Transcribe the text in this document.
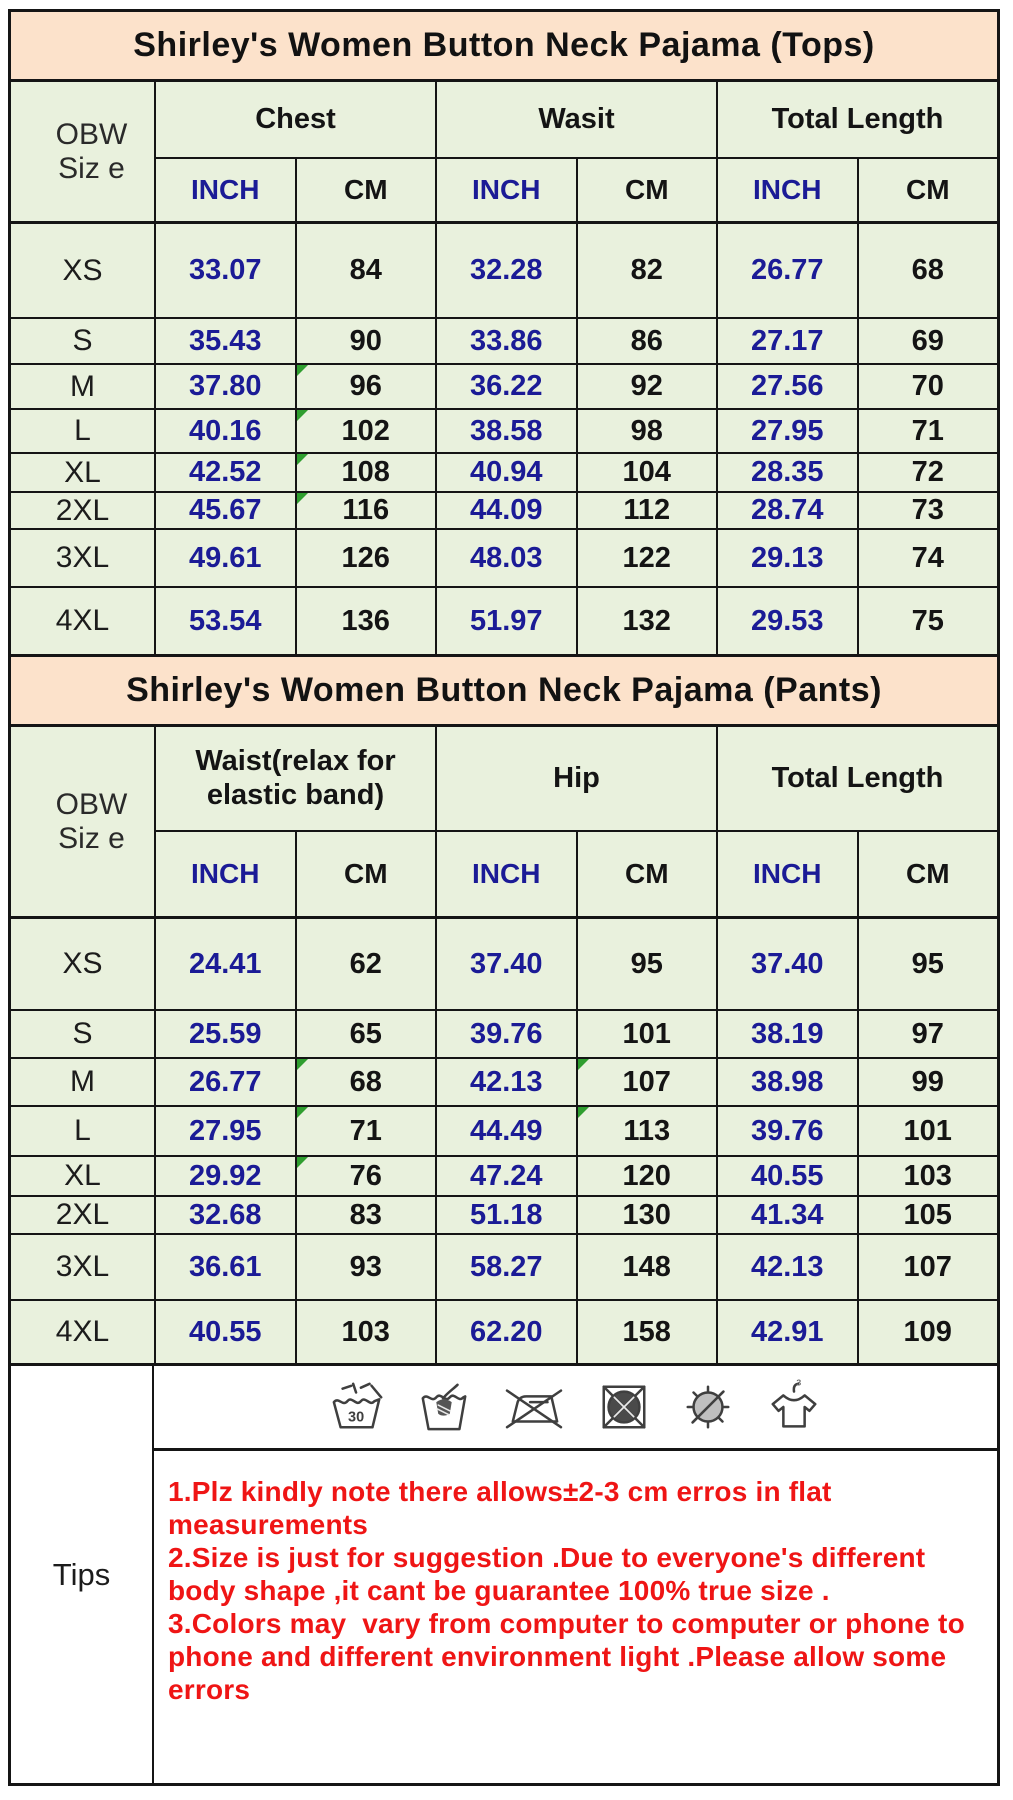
Shirley's Women Button Neck Pajama (Tops)
OBW
Siz e
Chest	Wasit	Total Length
INCH	CM	INCH	CM	INCH	CM
XS	33.07	84	32.28	82	26.77	68
S	35.43	90	33.86	86	27.17	69
M	37.80	96	36.22	92	27.56	70
L	40.16	102	38.58	98	27.95	71
XL	42.52	108	40.94	104	28.35	72
2XL	45.67	116	44.09	112	28.74	73
3XL	49.61	126	48.03	122	29.13	74
4XL	53.54	136	51.97	132	29.53	75
Shirley's Women Button Neck Pajama (Pants)
OBW
Siz e
Waist(relax for elastic band)
Hip	Total Length
INCH	CM	INCH	CM	INCH	CM
XS	24.41	62	37.40	95	37.40	95
S	25.59	65	39.76	101	38.19	97
M	26.77	68	42.13	107	38.98	99
L	27.95	71	44.49	113	39.76	101
XL	29.92	76	47.24	120	40.55	103
2XL	32.68	83	51.18	130	41.34	105
3XL	36.61	93	58.27	148	42.13	107
4XL	40.55	103	62.20	158	42.91	109
Tips
30
3
1.Plz kindly note there allows±2-3 cm erros in flat measurements
2.Size is just for suggestion .Due to everyone's different body shape ,it cant be guarantee 100% true size .
3.Colors may  vary from computer to computer or phone to phone and different environment light .Please allow some errors
